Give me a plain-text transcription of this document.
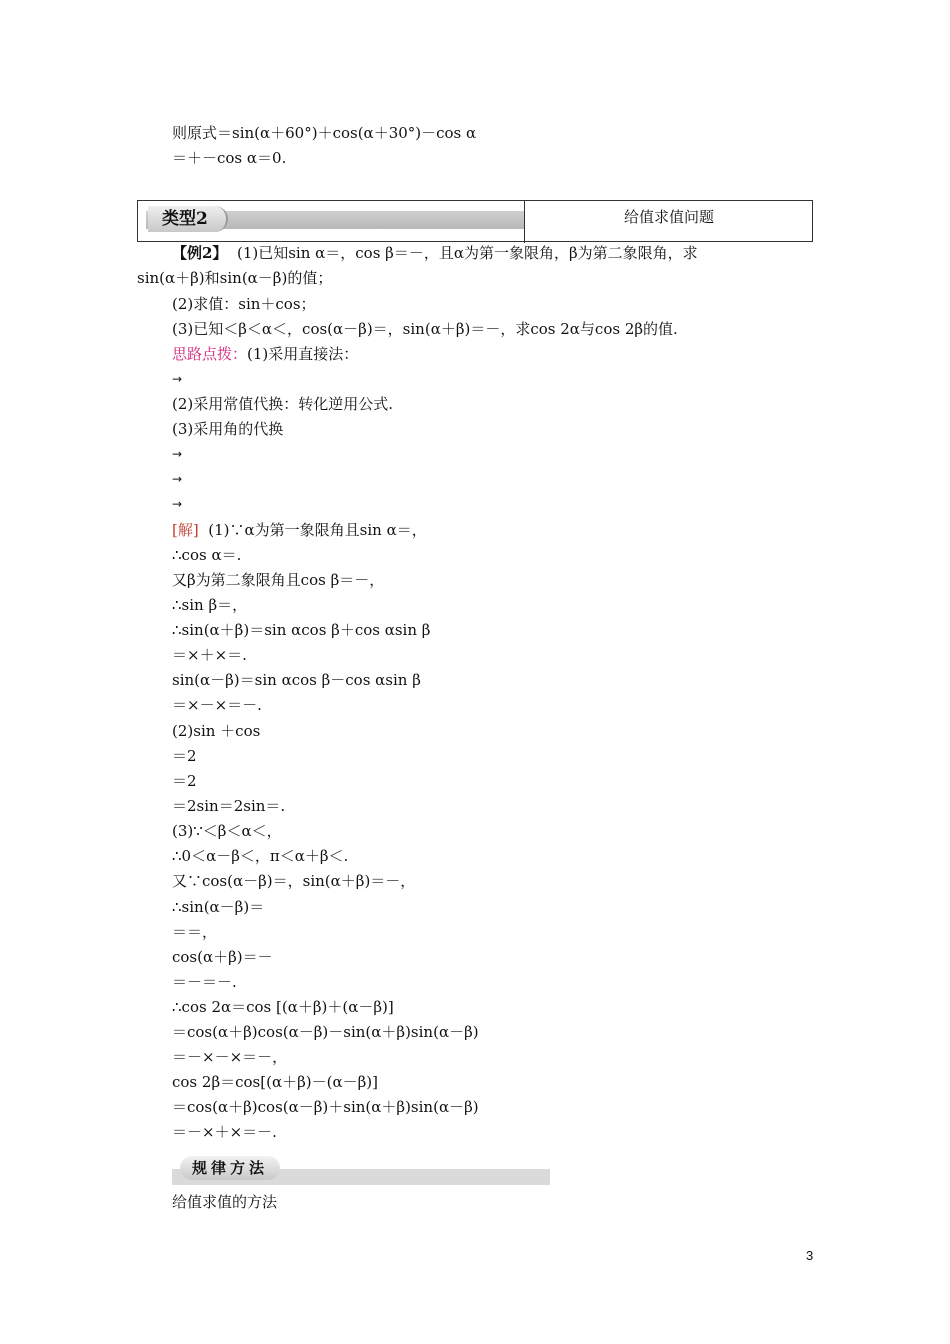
则原式＝sin(α＋60°)＋cos(α＋30°)－cos α
＝＋－cos α＝0.
类型2	给值求值问题
【例2】 (1)已知sin α＝，cos β＝－，且α为第一象限角，β为第二象限角，求
sin(α＋β)和sin(α－β)的值；
(2)求值：sin＋cos；
(3)已知＜β＜α＜，cos(α－β)＝，sin(α＋β)＝－，求cos 2α与cos 2β的值.
思路点拨：(1)采用直接法：
→
(2)采用常值代换：转化逆用公式.
(3)采用角的代换
→
→
→
[解] (1)∵α为第一象限角且sin α＝，
∴cos α＝.
又β为第二象限角且cos β＝－，
∴sin β＝，
∴sin(α＋β)＝sin αcos β＋cos αsin β
＝×＋×＝.
sin(α－β)＝sin αcos β－cos αsin β
＝×－×＝－.
(2)sin ＋cos
＝2
＝2
＝2sin＝2sin＝.
(3)∵＜β＜α＜，
∴0＜α－β＜，π＜α＋β＜.
又∵cos(α－β)＝，sin(α＋β)＝－，
∴sin(α－β)＝
＝＝，
cos(α＋β)＝－
＝－＝－.
∴cos 2α＝cos [(α＋β)＋(α－β)]
＝cos(α＋β)cos(α－β)－sin(α＋β)sin(α－β)
＝－×－×＝－，
cos 2β＝cos[(α＋β)－(α－β)]
＝cos(α＋β)cos(α－β)＋sin(α＋β)sin(α－β)
＝－×＋×＝－.
规律方法
给值求值的方法
3
